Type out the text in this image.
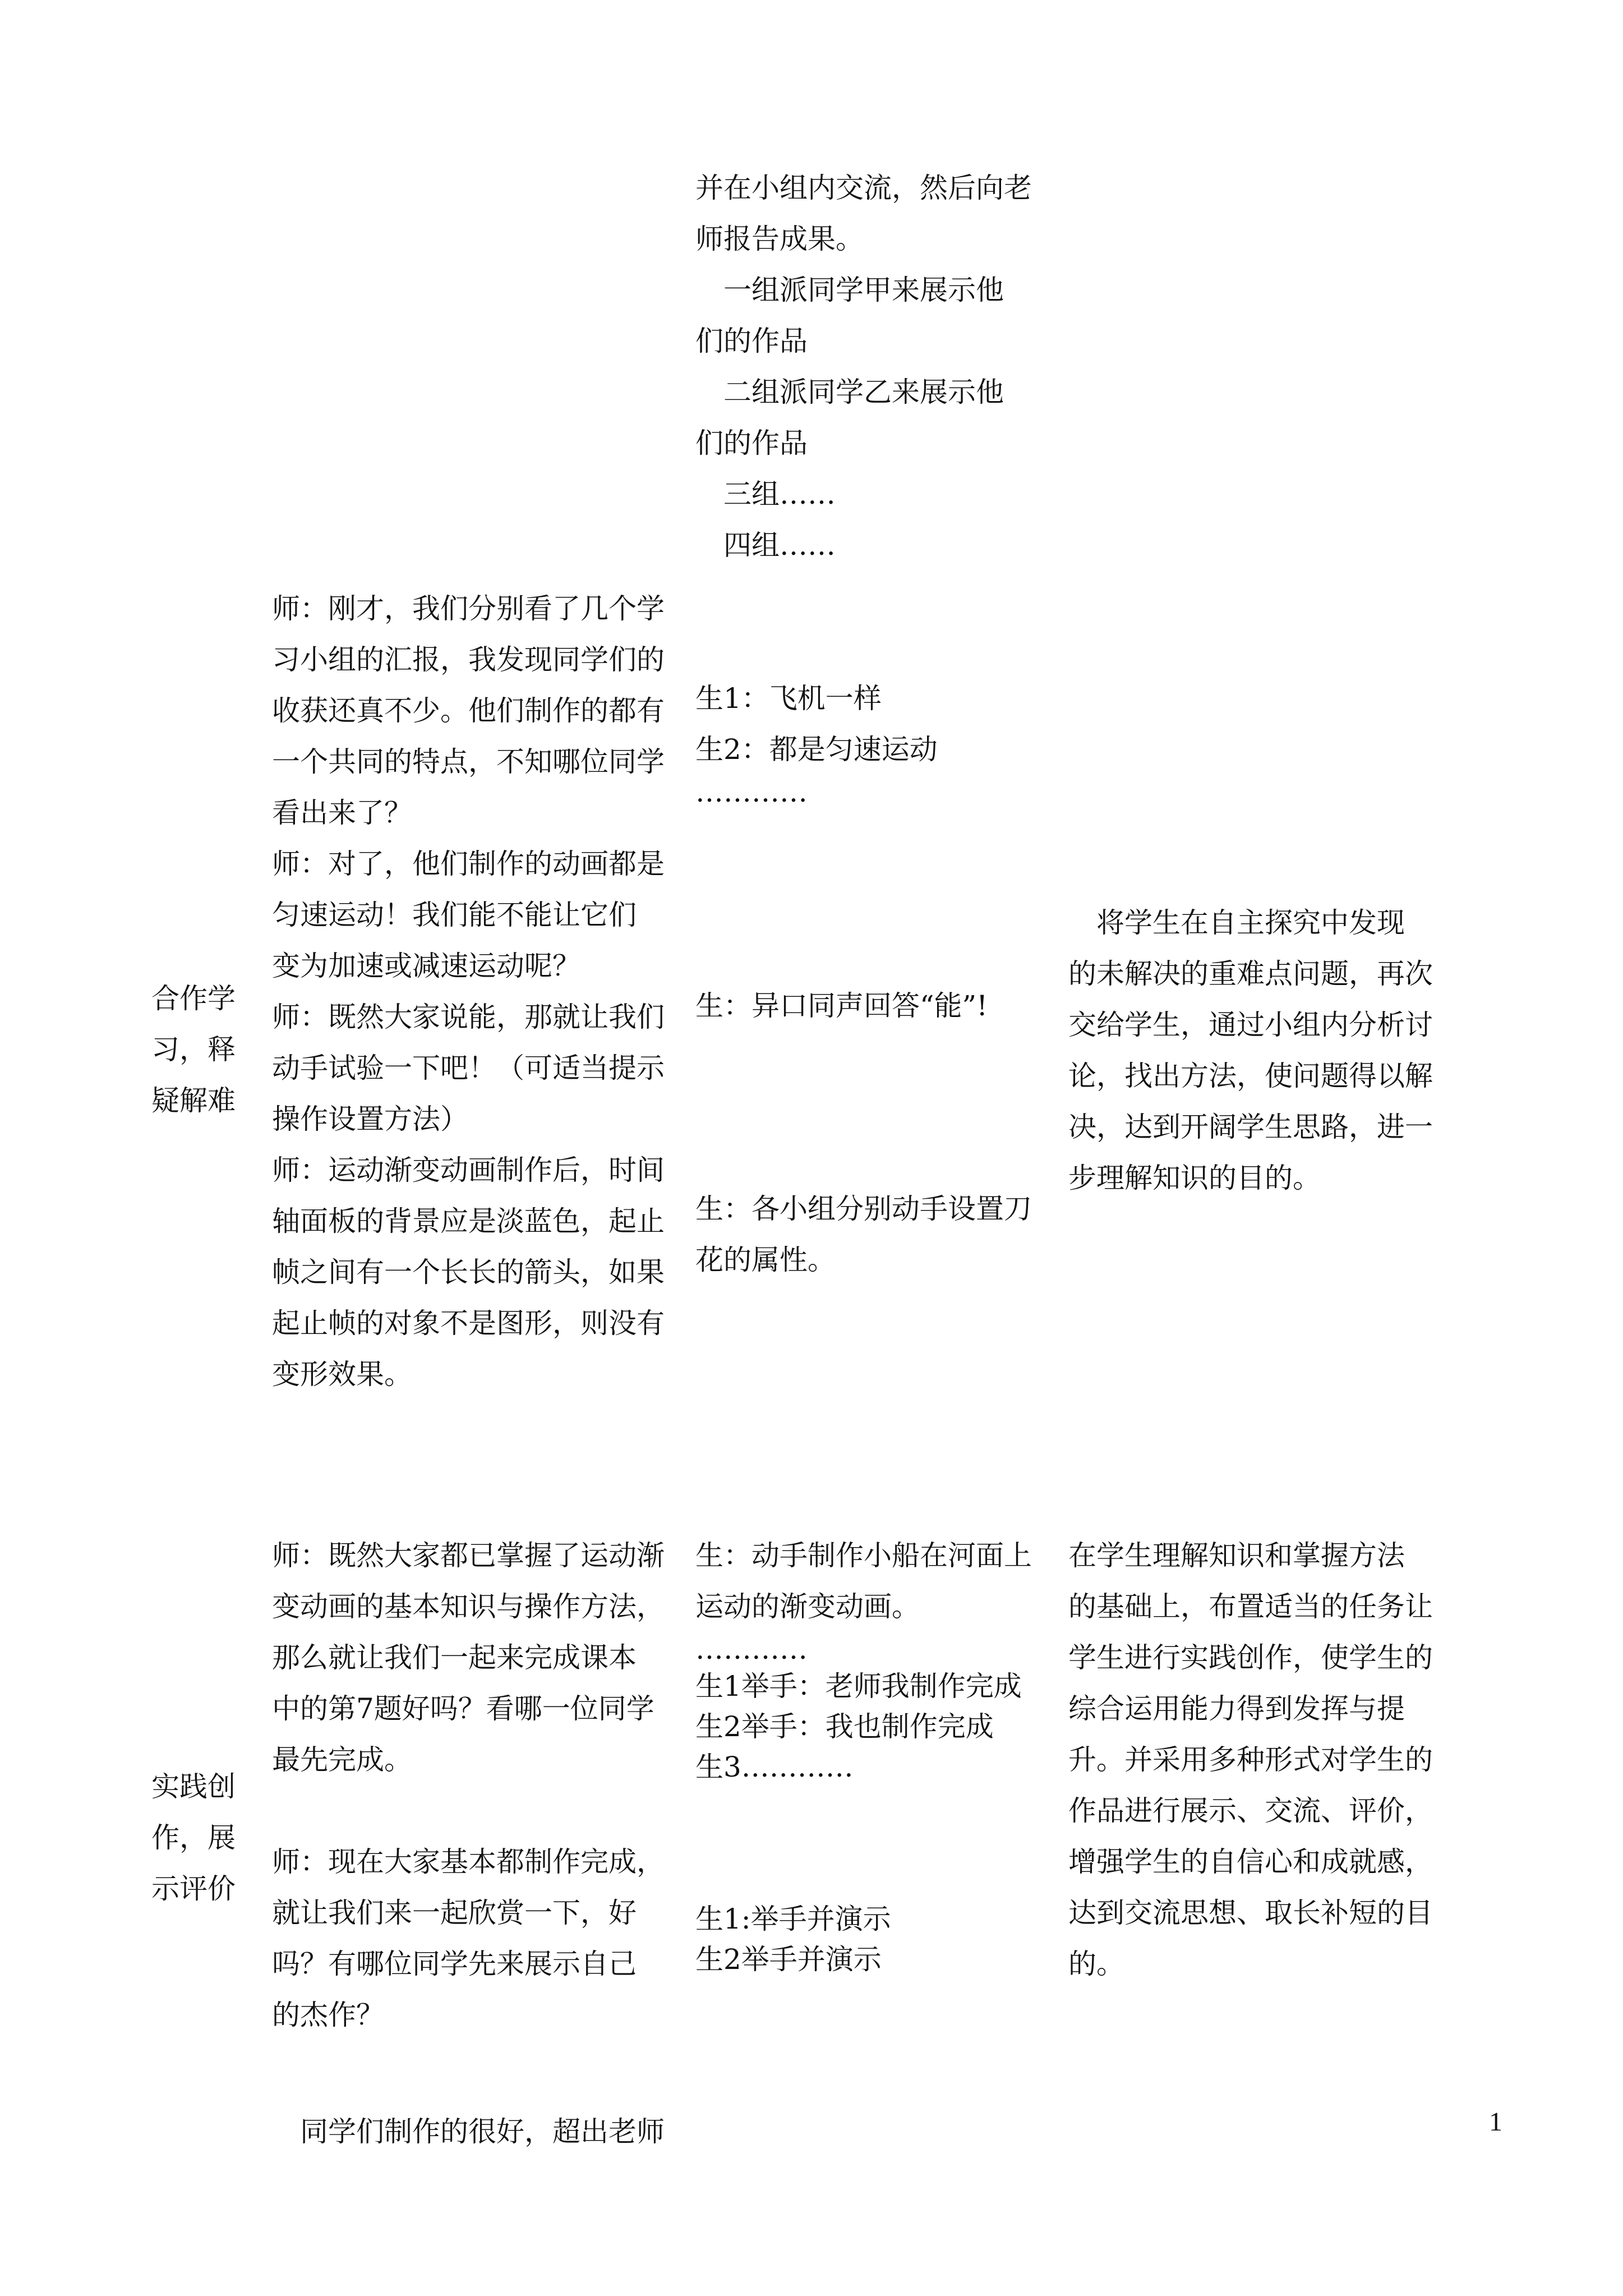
并在小组内交流，然后向老
师报告成果。
一组派同学甲来展示他
们的作品
二组派同学乙来展示他
们的作品
三组……
四组……
合作学
习，释
疑解难
师：刚才，我们分别看了几个学
习小组的汇报，我发现同学们的
收获还真不少。他们制作的都有
一个共同的特点，不知哪位同学
看出来了？
师：对了，他们制作的动画都是
匀速运动！我们能不能让它们
变为加速或减速运动呢？
师：既然大家说能，那就让我们
动手试验一下吧！（可适当提示
操作设置方法）
师：运动渐变动画制作后，时间
轴面板的背景应是淡蓝色，起止
帧之间有一个长长的箭头，如果
起止帧的对象不是图形，则没有
变形效果。
生1：飞机一样
生2：都是匀速运动
…………
生：异口同声回答“能”!
生：各小组分别动手设置刀
花的属性。
将学生在自主探究中发现
的未解决的重难点问题，再次
交给学生，通过小组内分析讨
论，找出方法，使问题得以解
决，达到开阔学生思路，进一
步理解知识的目的。
实践创
作，展
示评价
师：既然大家都已掌握了运动渐
变动画的基本知识与操作方法，
那么就让我们一起来完成课本
中的第7题好吗？看哪一位同学
最先完成。
师：现在大家基本都制作完成，
就让我们来一起欣赏一下，好
吗？有哪位同学先来展示自己
的杰作？
生：动手制作小船在河面上
运动的渐变动画。
…………
生1举手：老师我制作完成
生2举手：我也制作完成
生3…………
生1:举手并演示
生2举手并演示
在学生理解知识和掌握方法
的基础上，布置适当的任务让
学生进行实践创作，使学生的
综合运用能力得到发挥与提
升。并采用多种形式对学生的
作品进行展示、交流、评价，
增强学生的自信心和成就感，
达到交流思想、取长补短的目
的。
同学们制作的很好，超出老师	1
